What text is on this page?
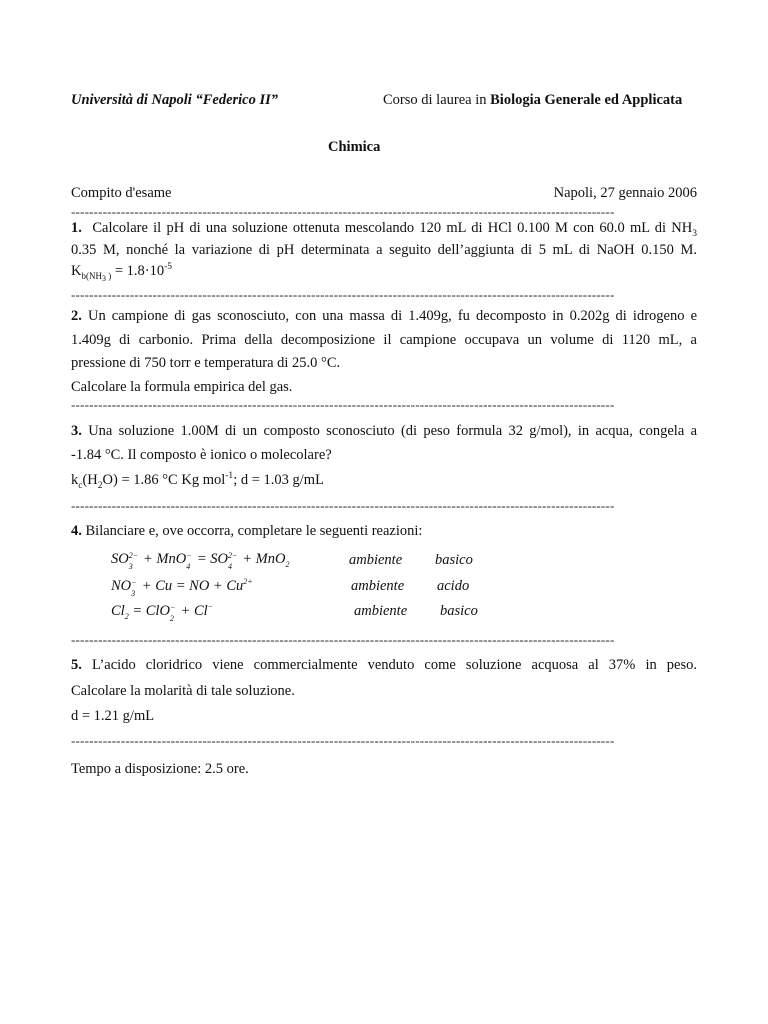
Università di Napoli “Federico II”	Corso di laurea in Biologia Generale ed Applicata
Chimica
Compito d'esame	Napoli, 27 gennaio 2006
------------------------------------------------------------------------------------------------------------------------
1. Calcolare il pH di una soluzione ottenuta mescolando 120 mL di HCl 0.100 M con 60.0 mL di $NH_3$
0.35 M, nonché la variazione di pH determinata a seguito dell’aggiunta di 5 mL di NaOH 0.150 M.
$K_{b(NH3}$ $_) = 1.8\cdot 10^{-5}$
------------------------------------------------------------------------------------------------------------------------
2. Un campione di gas sconosciuto, con una massa di 1.409g, fu decomposto in 0.202g di idrogeno e
1.409g di carbonio. Prima della decomposizione il campione occupava un volume di 1120 mL, a
pressione di 750 torr e temperatura di 25.0 °C.
Calcolare la formula empirica del gas.
------------------------------------------------------------------------------------------------------------------------
3. Una soluzione 1.00M di un composto sconosciuto (di peso formula 32 g/mol), in acqua, congela a
-1.84 °C. Il composto è ionico o molecolare?
$k_c(H_2O) = 1.86$ °C Kg mol$^{-1}$; d = 1.03 g/mL
------------------------------------------------------------------------------------------------------------------------
4. Bilanciare e, ove occorra, completare le seguenti reazioni:
SO 2−
3 + MnO −
4 = SO 2−
4 + MnO$_2$	ambiente basico
NO −
3 + Cu = NO + $Cu^{2+}$	ambiente acido
$Cl_2$ = ClO −
2 + Cl−	ambiente basico
------------------------------------------------------------------------------------------------------------------------
5. L’acido cloridrico viene commercialmente venduto come soluzione acquosa al 37% in peso.
Calcolare la molarità di tale soluzione.
d = 1.21 g/mL
------------------------------------------------------------------------------------------------------------------------
Tempo a disposizione: 2.5 ore.
